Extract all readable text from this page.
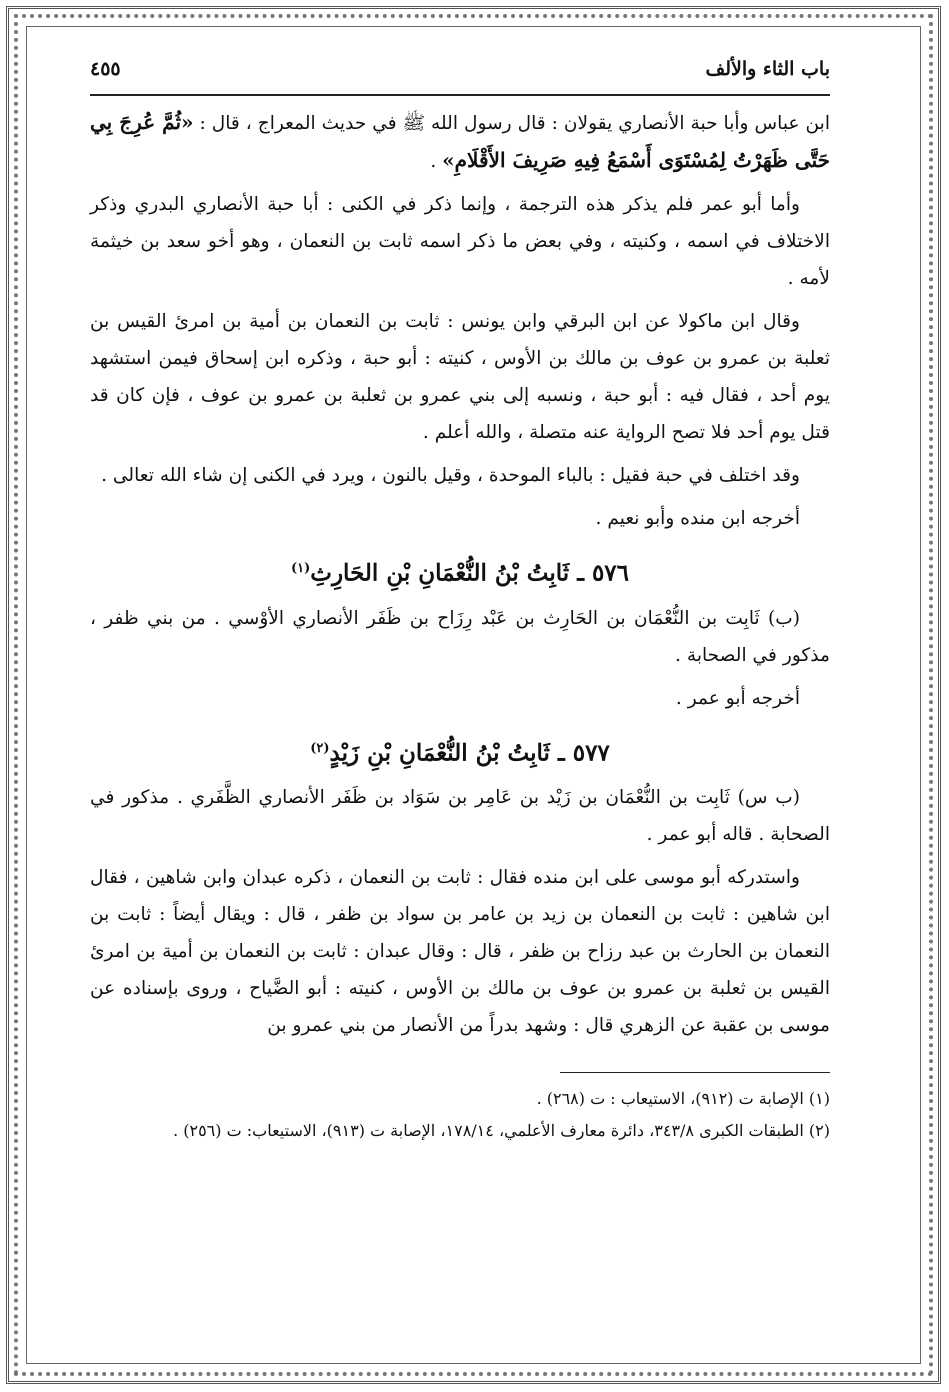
باب الثاء والألف
٤٥٥

ابن عباس وأبا حبة الأنصاري يقولان : قال رسول الله ﷺ في حديث المعراج ، قال : «ثُمَّ عُرِجَ بِي حَتَّى ظَهَرْتُ لِمُسْتَوَى أَسْمَعُ فِيهِ صَرِيفَ الأَقْلَامِ» .

وأما أبو عمر فلم يذكر هذه الترجمة ، وإنما ذكر في الكنى : أبا حبة الأنصاري البدري وذكر الاختلاف في اسمه ، وكنيته ، وفي بعض ما ذكر اسمه ثابت بن النعمان ، وهو أخو سعد بن خيثمة لأمه .

وقال ابن ماكولا عن ابن البرقي وابن يونس : ثابت بن النعمان بن أمية بن امرئ القيس بن ثعلبة بن عمرو بن عوف بن مالك بن الأوس ، كنيته : أبو حبة ، وذكره ابن إسحاق فيمن استشهد يوم أحد ، فقال فيه : أبو حبة ، ونسبه إلى بني عمرو بن ثعلبة بن عمرو بن عوف ، فإن كان قد قتل يوم أحد فلا تصح الرواية عنه متصلة ، والله أعلم .

وقد اختلف في حبة فقيل : بالباء الموحدة ، وقيل بالنون ، ويرد في الكنى إن شاء الله تعالى .

أخرجه ابن منده وأبو نعيم .

٥٧٦ ـ ثَابِتُ بْنُ النُّعْمَانِ بْنِ الحَارِثِ$^{(١)}$

(ب) ثَابِت بن النُّعْمَان بن الحَارِث بن عَبْد رِزَاح بن ظَفَر الأنصاري الأوْسي . من بني ظفر ، مذكور في الصحابة .

أخرجه أبو عمر .

٥٧٧ ـ ثَابِتُ بْنُ النُّعْمَانِ بْنِ زَيْدٍ$^{(٢)}$

(ب س) ثَابِت بن النُّعْمَان بن زَيْد بن عَامِر بن سَوَاد بن ظَفَر الأنصاري الظَّفَري . مذكور في الصحابة . قاله أبو عمر .

واستدركه أبو موسى على ابن منده فقال : ثابت بن النعمان ، ذكره عبدان وابن شاهين ، فقال ابن شاهين : ثابت بن النعمان بن زيد بن عامر بن سواد بن ظفر ، قال : ويقال أيضاً : ثابت بن النعمان بن الحارث بن عبد رزاح بن ظفر ، قال : وقال عبدان : ثابت بن النعمان بن أمية بن امرئ القيس بن ثعلبة بن عمرو بن عوف بن مالك بن الأوس ، كنيته : أبو الضَّياح ، وروى بإسناده عن موسى بن عقبة عن الزهري قال : وشهد بدراً من الأنصار من بني عمرو بن

(١) الإصابة ت (٩١٢)، الاستيعاب : ت (٢٦٨) .

(٢) الطبقات الكبرى ٣٤٣/٨، دائرة معارف الأعلمي، ١٧٨/١٤، الإصابة ت (٩١٣)، الاستيعاب: ت (٢٥٦) .
